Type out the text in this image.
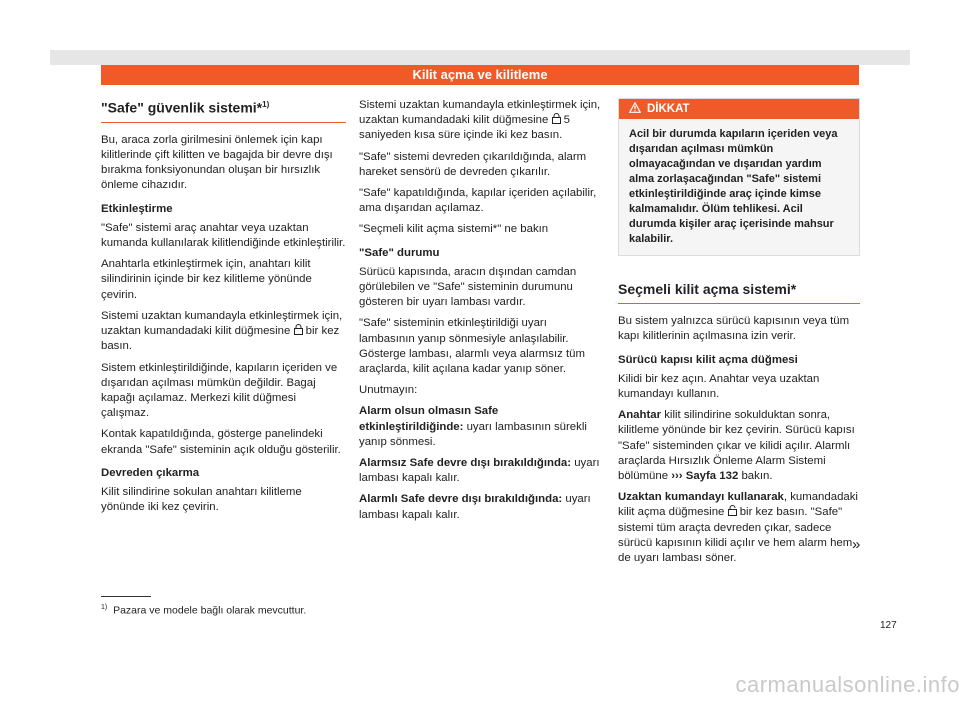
Kilit açma ve kilitleme
"Safe" güvenlik sistemi*$^{1)}$

Bu, araca zorla girilmesini önlemek için kapı kilitlerinde çift kilitten ve bagajda bir devre dışı bırakma fonksiyonundan oluşan bir hırsızlık önleme cihazıdır.

Etkinleştirme

"Safe" sistemi araç anahtar veya uzaktan kumanda kullanılarak kilitlendiğinde etkinleştirilir.

Anahtarla etkinleştirmek için, anahtarı kilit silindirinin içinde bir kez kilitleme yönünde çevirin.

Sistemi uzaktan kumandayla etkinleştirmek için, uzaktan kumandadaki kilit düğmesine bir kez basın.

Sistem etkinleştirildiğinde, kapıların içeriden ve dışarıdan açılması mümkün değildir. Bagaj kapağı açılamaz. Merkezi kilit düğmesi çalışmaz.

Kontak kapatıldığında, gösterge panelindeki ekranda "Safe" sisteminin açık olduğu gösterilir.

Devreden çıkarma

Kilit silindirine sokulan anahtarı kilitleme yönünde iki kez çevirin.

Sistemi uzaktan kumandayla etkinleştirmek için, uzaktan kumandadaki kilit düğmesine 5 saniyeden kısa süre içinde iki kez basın.

"Safe" sistemi devreden çıkarıldığında, alarm hareket sensörü de devreden çıkarılır.

"Safe" kapatıldığında, kapılar içeriden açılabilir, ama dışarıdan açılamaz.

"Seçmeli kilit açma sistemi*" ne bakın

"Safe" durumu

Sürücü kapısında, aracın dışından camdan görülebilen ve "Safe" sisteminin durumunu gösteren bir uyarı lambası vardır.

"Safe" sisteminin etkinleştirildiği uyarı lambasının yanıp sönmesiyle anlaşılabilir. Gösterge lambası, alarmlı veya alarmsız tüm araçlarda, kilit açılana kadar yanıp söner.

Unutmayın:

Alarm olsun olmasın Safe etkinleştirildiğinde: uyarı lambasının sürekli yanıp sönmesi.

Alarmsız Safe devre dışı bırakıldığında: uyarı lambası kapalı kalır.

Alarmlı Safe devre dışı bırakıldığında: uyarı lambası kapalı kalır.

DİKKAT
Acil bir durumda kapıların içeriden veya dışarıdan açılması mümkün olmayacağından ve dışarıdan yardım alma zorlaşacağından "Safe" sistemi etkinleştirildiğinde araç içinde kimse kalmamalıdır. Ölüm tehlikesi. Acil durumda kişiler araç içerisinde mahsur kalabilir.
Seçmeli kilit açma sistemi*

Bu sistem yalnızca sürücü kapısının veya tüm kapı kilitlerinin açılmasına izin verir.

Sürücü kapısı kilit açma düğmesi

Kilidi bir kez açın. Anahtar veya uzaktan kumandayı kullanın.

Anahtar kilit silindirine sokulduktan sonra, kilitleme yönünde bir kez çevirin. Sürücü kapısı "Safe" sisteminden çıkar ve kilidi açılır. Alarmlı araçlarda Hırsızlık Önleme Alarm Sistemi bölümüne ››› Sayfa 132 bakın.

Uzaktan kumandayı kullanarak, kumandadaki kilit açma düğmesine  bir kez basın. "Safe" sistemi tüm araçta devreden çıkar, sadece sürücü kapısının kilidi açılır ve hem alarm hem de uyarı lambası söner.

»
$^{1)}$ Pazara ve modele bağlı olarak mevcuttur.
127
carmanualsonline.info
